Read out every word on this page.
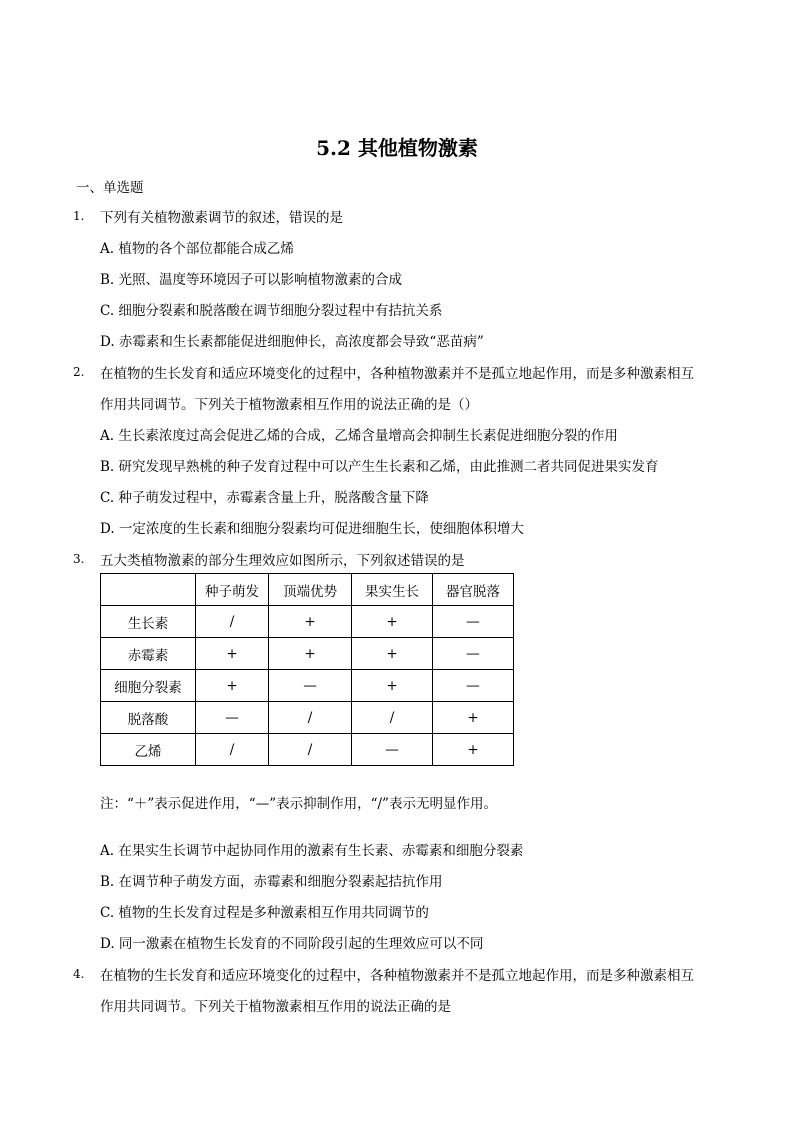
5.2 其他植物激素
一、单选题
1. 下列有关植物激素调节的叙述，错误的是
A. 植物的各个部位都能合成乙烯
B. 光照、温度等环境因子可以影响植物激素的合成
C. 细胞分裂素和脱落酸在调节细胞分裂过程中有拮抗关系
D. 赤霉素和生长素都能促进细胞伸长，高浓度都会导致“恶苗病”
2. 在植物的生长发育和适应环境变化的过程中，各种植物激素并不是孤立地起作用，而是多种激素相互
作用共同调节。下列关于植物激素相互作用的说法正确的是（）
A. 生长素浓度过高会促进乙烯的合成，乙烯含量增高会抑制生长素促进细胞分裂的作用
B. 研究发现早熟桃的种子发育过程中可以产生生长素和乙烯，由此推测二者共同促进果实发育
C. 种子萌发过程中，赤霉素含量上升，脱落酸含量下降
D. 一定浓度的生长素和细胞分裂素均可促进细胞生长，使细胞体积增大
3. 五大类植物激素的部分生理效应如图所示，下列叙述错误的是
	种子萌发	顶端优势	果实生长	器官脱落
生长素	/	+	+	—
赤霉素	+	+	+	—
细胞分裂素	+	—	+	—
脱落酸	—	/	/	+
乙烯	/	/	—	+
注：“＋”表示促进作用，“—”表示抑制作用，“/”表示无明显作用。
A. 在果实生长调节中起协同作用的激素有生长素、赤霉素和细胞分裂素
B. 在调节种子萌发方面，赤霉素和细胞分裂素起拮抗作用
C. 植物的生长发育过程是多种激素相互作用共同调节的
D. 同一激素在植物生长发育的不同阶段引起的生理效应可以不同
4. 在植物的生长发育和适应环境变化的过程中，各种植物激素并不是孤立地起作用，而是多种激素相互
作用共同调节。下列关于植物激素相互作用的说法正确的是
